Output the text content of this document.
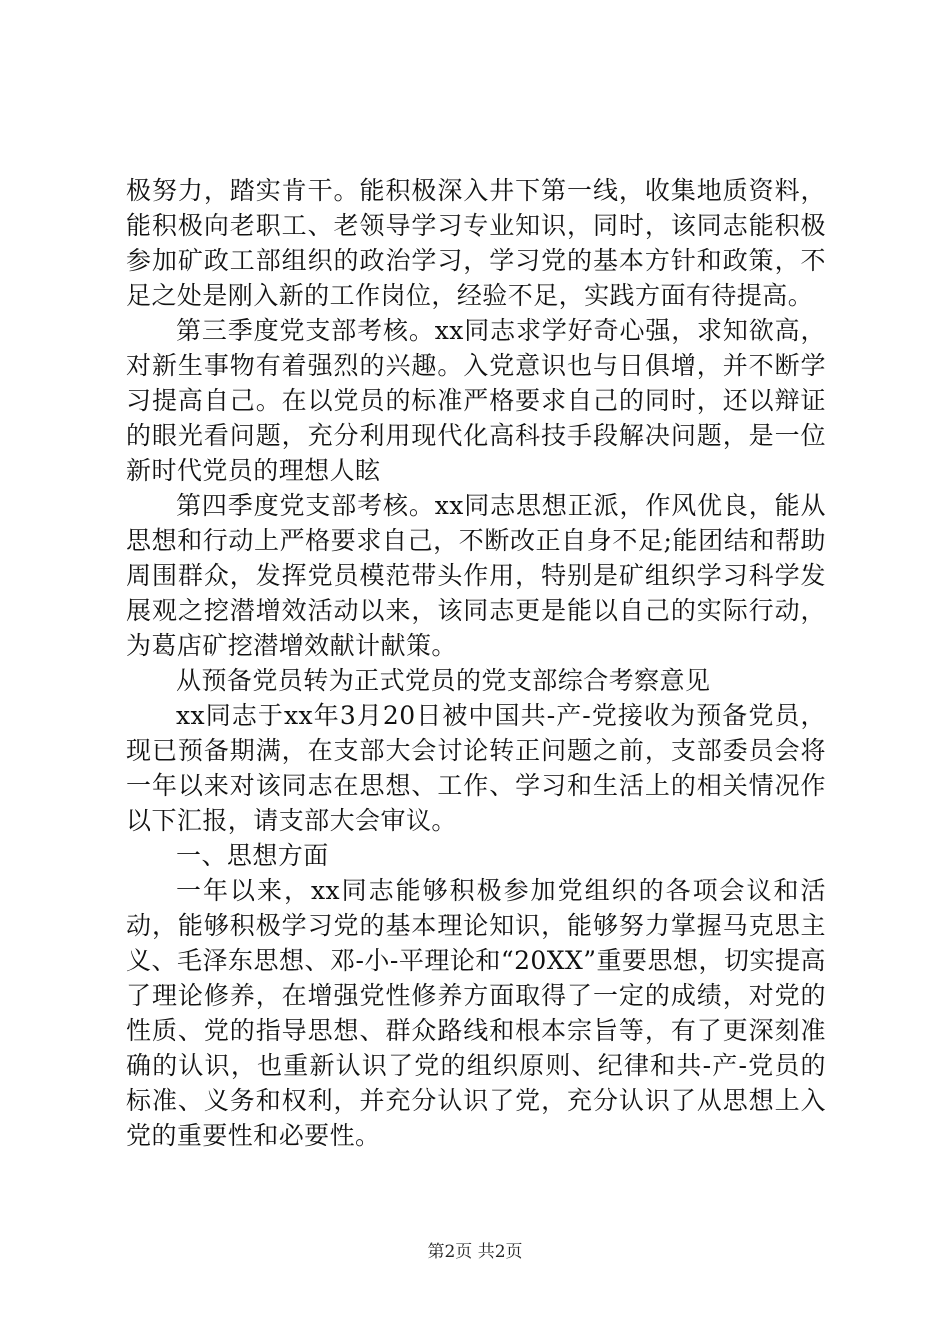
极努力，踏实肯干。能积极深入井下第一线，收集地质资料，能积极向老职工、老领导学习专业知识，同时，该同志能积极参加矿政工部组织的政治学习，学习党的基本方针和政策，不足之处是刚入新的工作岗位，经验不足，实践方面有待提高。

第三季度党支部考核。xx同志求学好奇心强，求知欲高，对新生事物有着强烈的兴趣。入党意识也与日俱增，并不断学习提高自己。在以党员的标准严格要求自己的同时，还以辩证的眼光看问题，充分利用现代化高科技手段解决问题，是一位新时代党员的理想人眩

第四季度党支部考核。xx同志思想正派，作风优良，能从思想和行动上严格要求自己，不断改正自身不足;能团结和帮助周围群众，发挥党员模范带头作用，特别是矿组织学习科学发展观之挖潜增效活动以来，该同志更是能以自己的实际行动，为葛店矿挖潜增效献计献策。

从预备党员转为正式党员的党支部综合考察意见

xx同志于xx年3月20日被中国共-产-党接收为预备党员，现已预备期满，在支部大会讨论转正问题之前，支部委员会将一年以来对该同志在思想、工作、学习和生活上的相关情况作以下汇报，请支部大会审议。

一、思想方面

一年以来，xx同志能够积极参加党组织的各项会议和活动，能够积极学习党的基本理论知识，能够努力掌握马克思主义、毛泽东思想、邓-小-平理论和“20XX”重要思想，切实提高了理论修养，在增强党性修养方面取得了一定的成绩，对党的性质、党的指导思想、群众路线和根本宗旨等，有了更深刻准确的认识，也重新认识了党的组织原则、纪律和共-产-党员的标准、义务和权利，并充分认识了党，充分认识了从思想上入党的重要性和必要性。

第2页 共2页
